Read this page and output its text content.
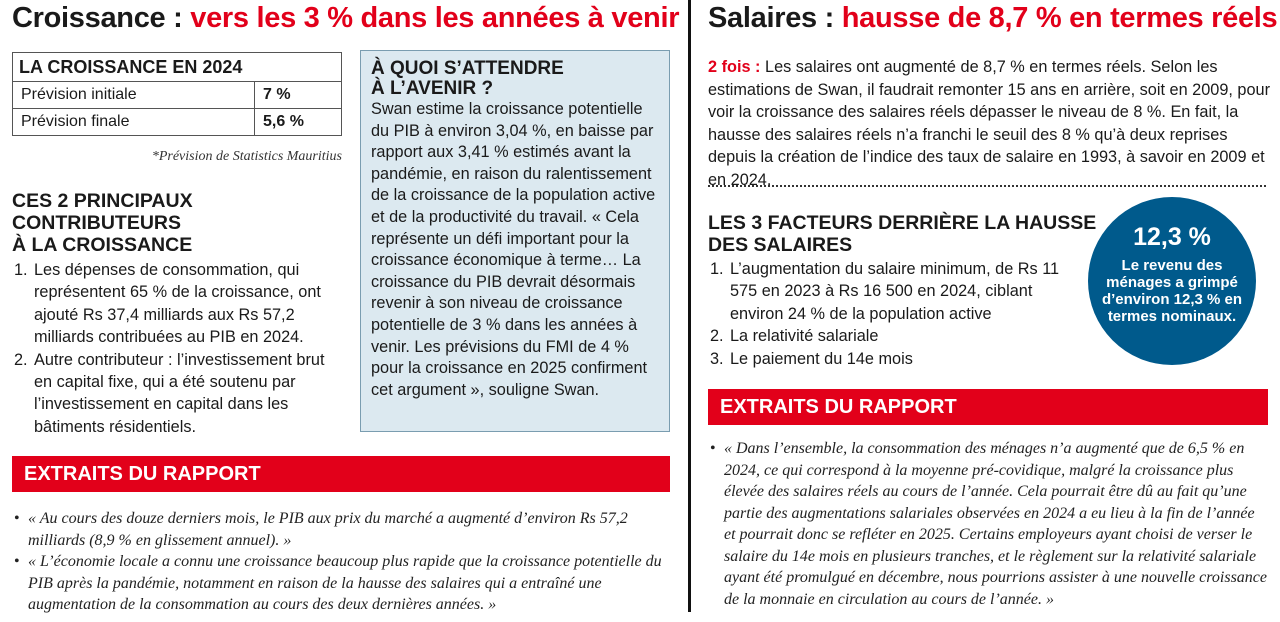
Croissance : vers les 3 % dans les années à venir
LA CROISSANCE EN 2024	
Prévision initiale	7 %
Prévision finale	5,6 %
*Prévision de Statistics Mauritius
CES 2 PRINCIPAUX
CONTRIBUTEURS
À LA CROISSANCE
1. Les dépenses de consommation, qui représentent 65 % de la croissance, ont ajouté Rs 37,4 milliards aux Rs 57,2 milliards contribuées au PIB en 2024.
2. Autre contributeur : l’investissement brut en capital fixe, qui a été soutenu par l’investissement en capital dans les bâtiments résidentiels.
À QUOI S’ATTENDRE
À L’AVENIR ?
Swan estime la croissance potentielle du PIB à environ 3,04 %, en baisse par rapport aux 3,41 % estimés avant la pandémie, en raison du ralentissement de la croissance de la population active et de la productivité du travail. « Cela représente un défi important pour la croissance économique à terme… La croissance du PIB devrait désormais revenir à son niveau de croissance potentielle de 3 % dans les années à venir. Les prévisions du FMI de 4 % pour la croissance en 2025 confirment cet argument », souligne Swan.
EXTRAITS DU RAPPORT
• « Au cours des douze derniers mois, le PIB aux prix du marché a augmenté d’environ Rs 57,2 milliards (8,9 % en glissement annuel). »
• « L’économie locale a connu une croissance beaucoup plus rapide que la croissance potentielle du PIB après la pandémie, notamment en raison de la hausse des salaires qui a entraîné une augmentation de la consommation au cours des deux dernières années. »
Salaires : hausse de 8,7 % en termes réels
2 fois : Les salaires ont augmenté de 8,7 % en termes réels. Selon les estimations de Swan, il faudrait remonter 15 ans en arrière, soit en 2009, pour voir la croissance des salaires réels dépasser le niveau de 8 %. En fait, la hausse des salaires réels n’a franchi le seuil des 8 % qu’à deux reprises depuis la création de l’indice des taux de salaire en 1993, à savoir en 2009 et en 2024.
LES 3 FACTEURS DERRIÈRE LA HAUSSE
DES SALAIRES
1. L’augmentation du salaire minimum, de Rs 11 575 en 2023 à Rs 16 500 en 2024, ciblant environ 24 % de la population active
2. La relativité salariale
3. Le paiement du 14e mois
12,3 %
Le revenu des ménages a grimpé d’environ 12,3 % en termes nominaux.
EXTRAITS DU RAPPORT
• « Dans l’ensemble, la consommation des ménages n’a augmenté que de 6,5 % en 2024, ce qui correspond à la moyenne pré-covidique, malgré la croissance plus élevée des salaires réels au cours de l’année. Cela pourrait être dû au fait qu’une partie des augmentations salariales observées en 2024 a eu lieu à la fin de l’année et pourrait donc se refléter en 2025. Certains employeurs ayant choisi de verser le salaire du 14e mois en plusieurs tranches, et le règlement sur la relativité salariale ayant été promulgué en décembre, nous pourrions assister à une nouvelle croissance de la monnaie en circulation au cours de l’année. »
